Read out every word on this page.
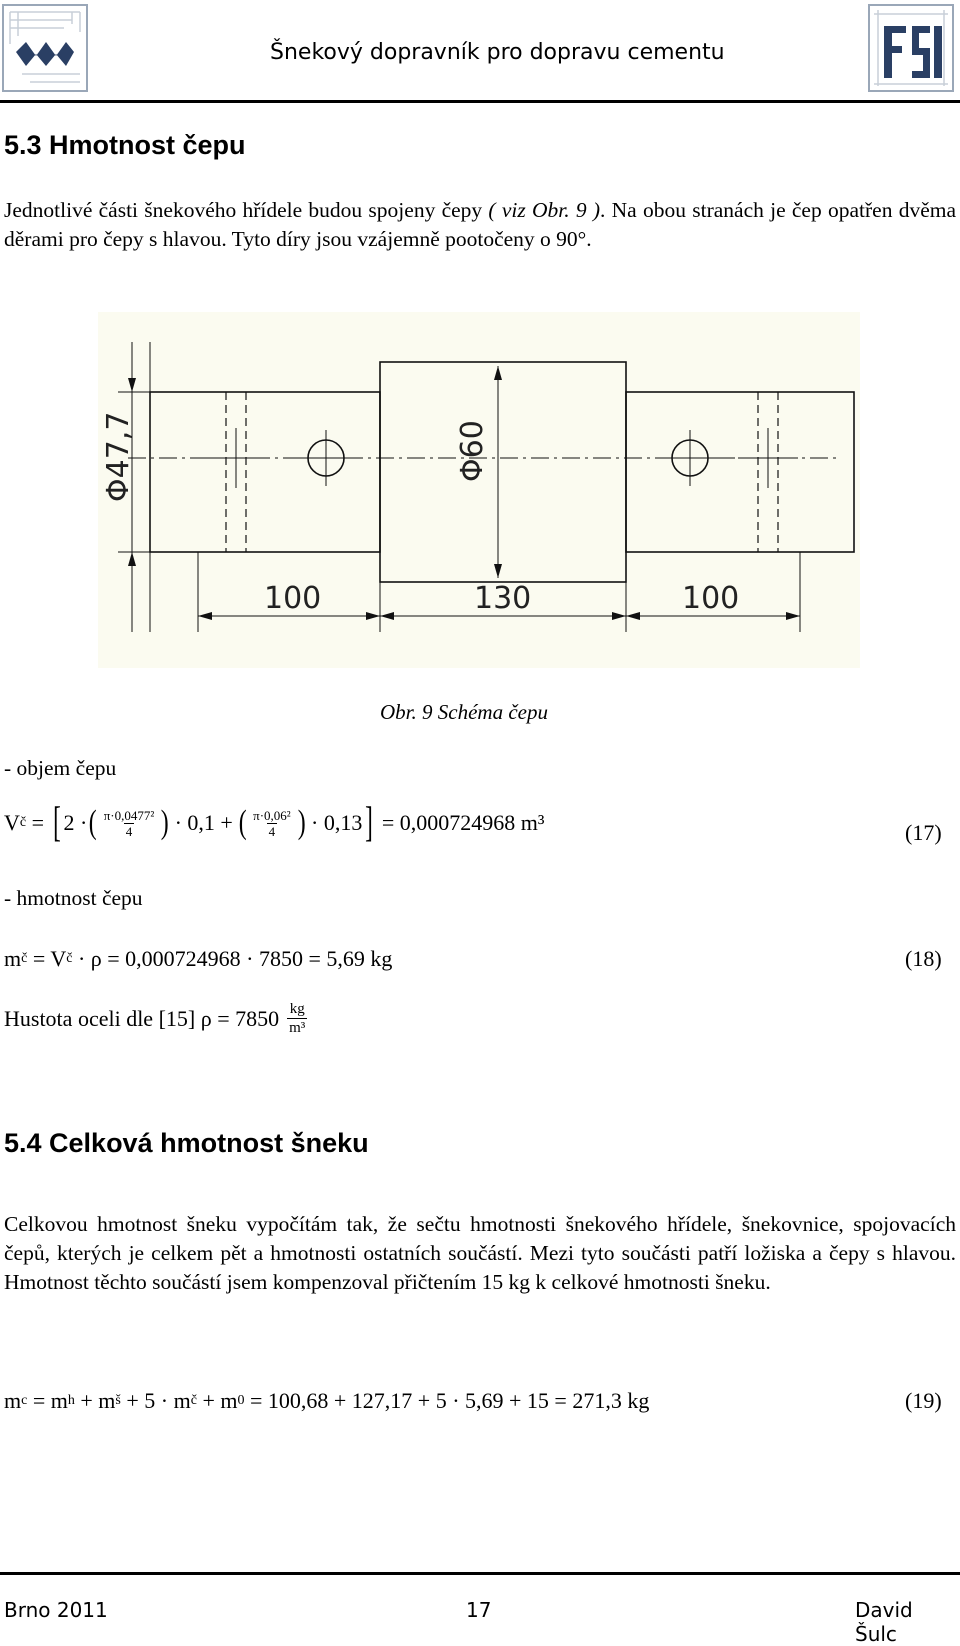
Šnekový dopravník pro dopravu cementu
5.3 Hmotnost čepu
Jednotlivé části šnekového hřídele budou spojeny čepy ( viz Obr. 9 ). Na obou stranách je čep opatřen dvěma děrami pro čepy s hlavou. Tyto díry jsou vzájemně pootočeny o 90°.
Φ47,7	Φ60
100	130	100
Obr. 9 Schéma čepu
- objem čepu
V č = [ 2 · ( $\frac{\text{π·0,0477²}}{4}$ ) · 0,1 + ( $\frac{\text{π·0,06²}}{4}$ ) · 0,13 ] = 0,000724968 m³	(17)
- hmotnost čepu
m č = V č · ρ = 0,000724968 · 7850 = 5,69 kg	(18)
Hustota oceli dle [15] $\rho = 7850 \frac{kg}{\text{m³}}$
5.4 Celková hmotnost šneku
Celkovou hmotnost šneku vypočítám tak, že sečtu hmotnosti šnekového hřídele, šnekovnice, spojovacích čepů, kterých je celkem pět a hmotnosti ostatních součástí. Mezi tyto součásti patří ložiska a čepy s hlavou. Hmotnost těchto součástí jsem kompenzoval přičtením 15 kg k celkové hmotnosti šneku.
m c = m h + m š + 5 · m č + m 0 = 100,68 + 127,17 + 5 · 5,69 + 15 = 271,3 kg	(19)
Brno 2011	17	David Šulc
